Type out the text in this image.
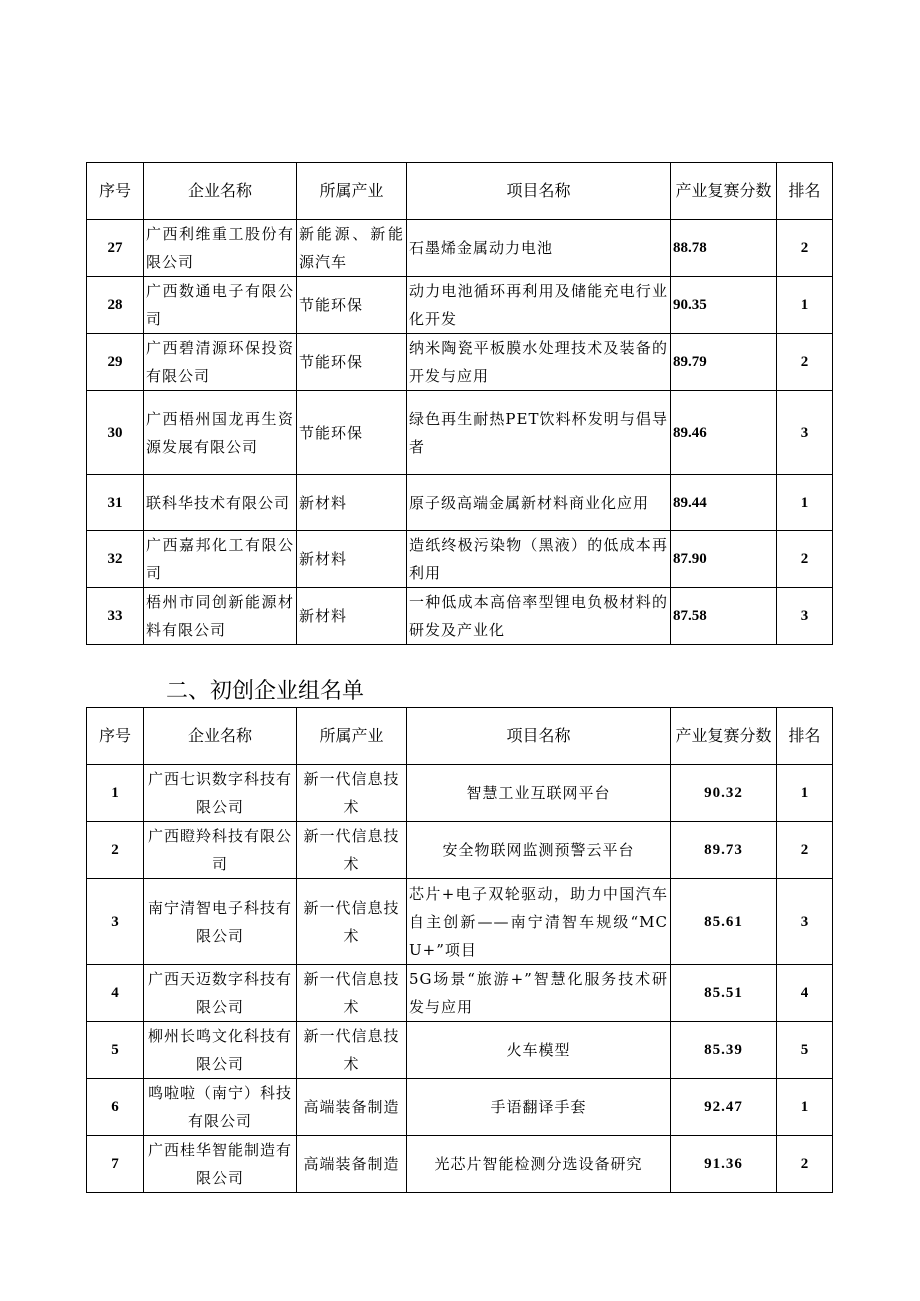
序号	企业名称	所属产业	项目名称	产业复赛分数	排名
27	广西利维重工股份有限公司	新能源、新能源汽车	石墨烯金属动力电池	88.78	2
28	广西数通电子有限公司	节能环保	动力电池循环再利用及储能充电行业化开发	90.35	1
29	广西碧清源环保投资有限公司	节能环保	纳米陶瓷平板膜水处理技术及装备的开发与应用	89.79	2
30	广西梧州国龙再生资源发展有限公司	节能环保	绿色再生耐热PET饮料杯发明与倡导者	89.46	3
31	联科华技术有限公司	新材料	原子级高端金属新材料商业化应用	89.44	1
32	广西嘉邦化工有限公司	新材料	造纸终极污染物（黑液）的低成本再利用	87.90	2
33	梧州市同创新能源材料有限公司	新材料	一种低成本高倍率型锂电负极材料的研发及产业化	87.58	3
二、初创企业组名单
序号	企业名称	所属产业	项目名称	产业复赛分数	排名
1	广西七识数字科技有限公司	新一代信息技术	智慧工业互联网平台	90.32	1
2	广西瞪羚科技有限公司	新一代信息技术	安全物联网监测预警云平台	89.73	2
3	南宁清智电子科技有限公司	新一代信息技术	芯片+电子双轮驱动，助力中国汽车自主创新——南宁清智车规级“MCU+”项目	85.61	3
4	广西天迈数字科技有限公司	新一代信息技术	5G场景“旅游+”智慧化服务技术研发与应用	85.51	4
5	柳州长鸣文化科技有限公司	新一代信息技术	火车模型	85.39	5
6	鸣啦啦（南宁）科技有限公司	高端装备制造	手语翻译手套	92.47	1
7	广西桂华智能制造有限公司	高端装备制造	光芯片智能检测分选设备研究	91.36	2
